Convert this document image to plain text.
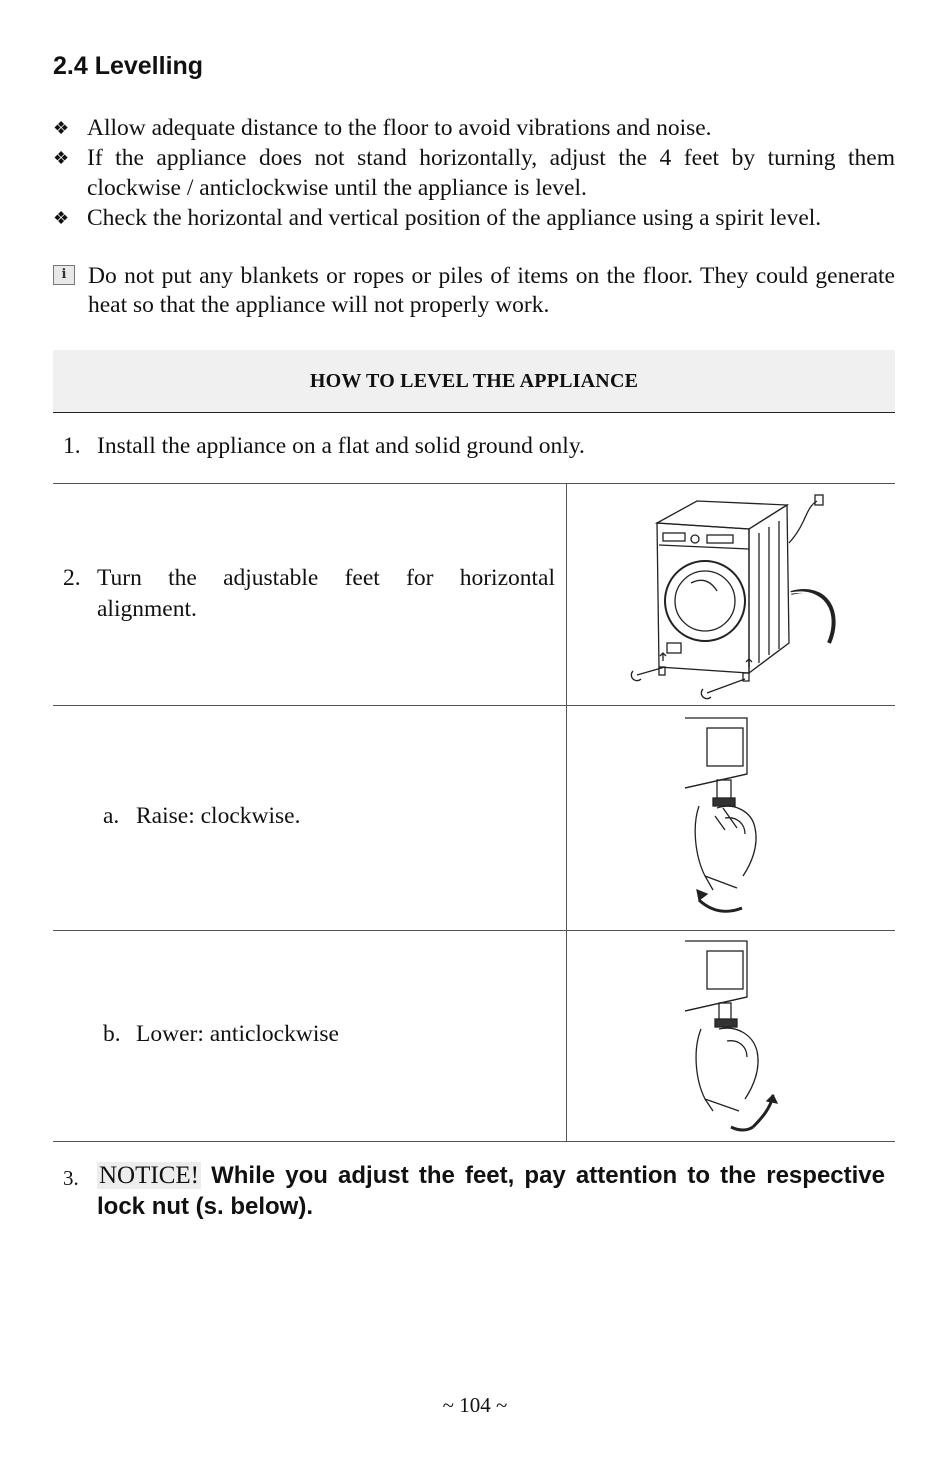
2.4 Levelling
❖ Allow adequate distance to the floor to avoid vibrations and noise.
❖ If the appliance does not stand horizontally, adjust the 4 feet by turning them clockwise / anticlockwise until the appliance is level.
❖ Check the horizontal and vertical position of the appliance using a spirit level.
i Do not put any blankets or ropes or piles of items on the floor. They could generate heat so that the appliance will not properly work.
HOW TO LEVEL THE APPLIANCE
1. Install the appliance on a flat and solid ground only.
2. Turn the adjustable feet for horizontal alignment.
a. Raise: clockwise.
b. Lower: anticlockwise
3. NOTICE! While you adjust the feet, pay attention to the respective lock nut (s. below).
~ 104 ~
